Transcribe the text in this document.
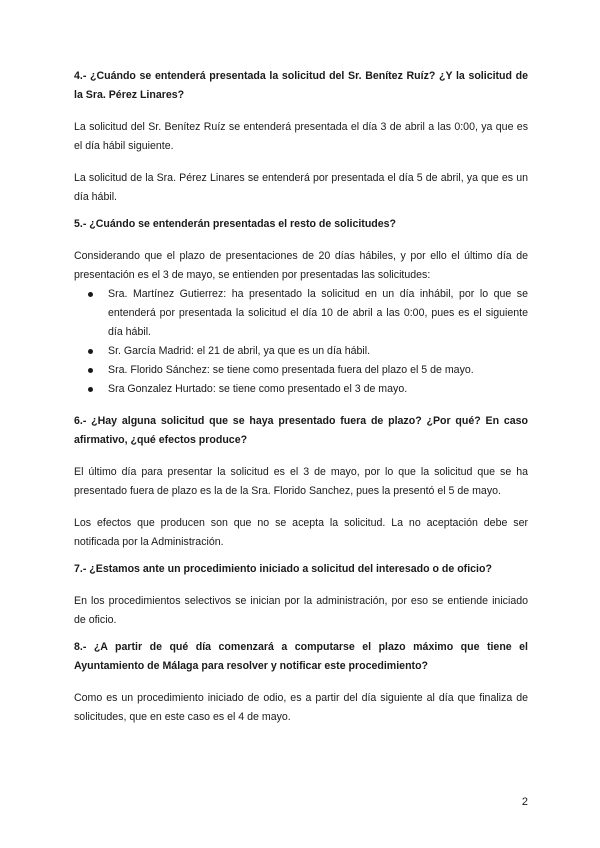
4.- ¿Cuándo se entenderá presentada la solicitud del Sr. Benítez Ruíz? ¿Y la solicitud de la Sra. Pérez Linares?

La solicitud del Sr. Benítez Ruíz se entenderá presentada el día 3 de abril a las 0:00, ya que es el día hábil siguiente.

La solicitud de la Sra. Pérez Linares se entenderá por presentada el día 5 de abril, ya que es un día hábil.

5.- ¿Cuándo se entenderán presentadas el resto de solicitudes?

Considerando que el plazo de presentaciones de 20 días hábiles, y por ello el último día de presentación es el 3 de mayo, se entienden por presentadas las solicitudes:

Sra. Martínez Gutierrez: ha presentado la solicitud en un día inhábil, por lo que se entenderá por presentada la solicitud el día 10 de abril a las 0:00, pues es el siguiente día hábil.
Sr. García Madrid: el 21 de abril, ya que es un día hábil.
Sra. Florido Sánchez: se tiene como presentada fuera del plazo el 5 de mayo.
Sra Gonzalez Hurtado: se tiene como presentado el 3 de mayo.

6.- ¿Hay alguna solicitud que se haya presentado fuera de plazo? ¿Por qué? En caso afirmativo, ¿qué efectos produce?

El último día para presentar la solicitud es el 3 de mayo, por lo que la solicitud que se ha presentado fuera de plazo es la de la Sra. Florido Sanchez, pues la presentó el 5 de mayo.

Los efectos que producen son que no se acepta la solicitud. La no aceptación debe ser notificada por la Administración.

7.- ¿Estamos ante un procedimiento iniciado a solicitud del interesado o de oficio?

En los procedimientos selectivos se inician por la administración, por eso se entiende iniciado de oficio.

8.- ¿A partir de qué día comenzará a computarse el plazo máximo que tiene el Ayuntamiento de Málaga para resolver y notificar este procedimiento?

Como es un procedimiento iniciado de odio, es a partir del día siguiente al día que finaliza de solicitudes, que en este caso es el 4 de mayo.

2
